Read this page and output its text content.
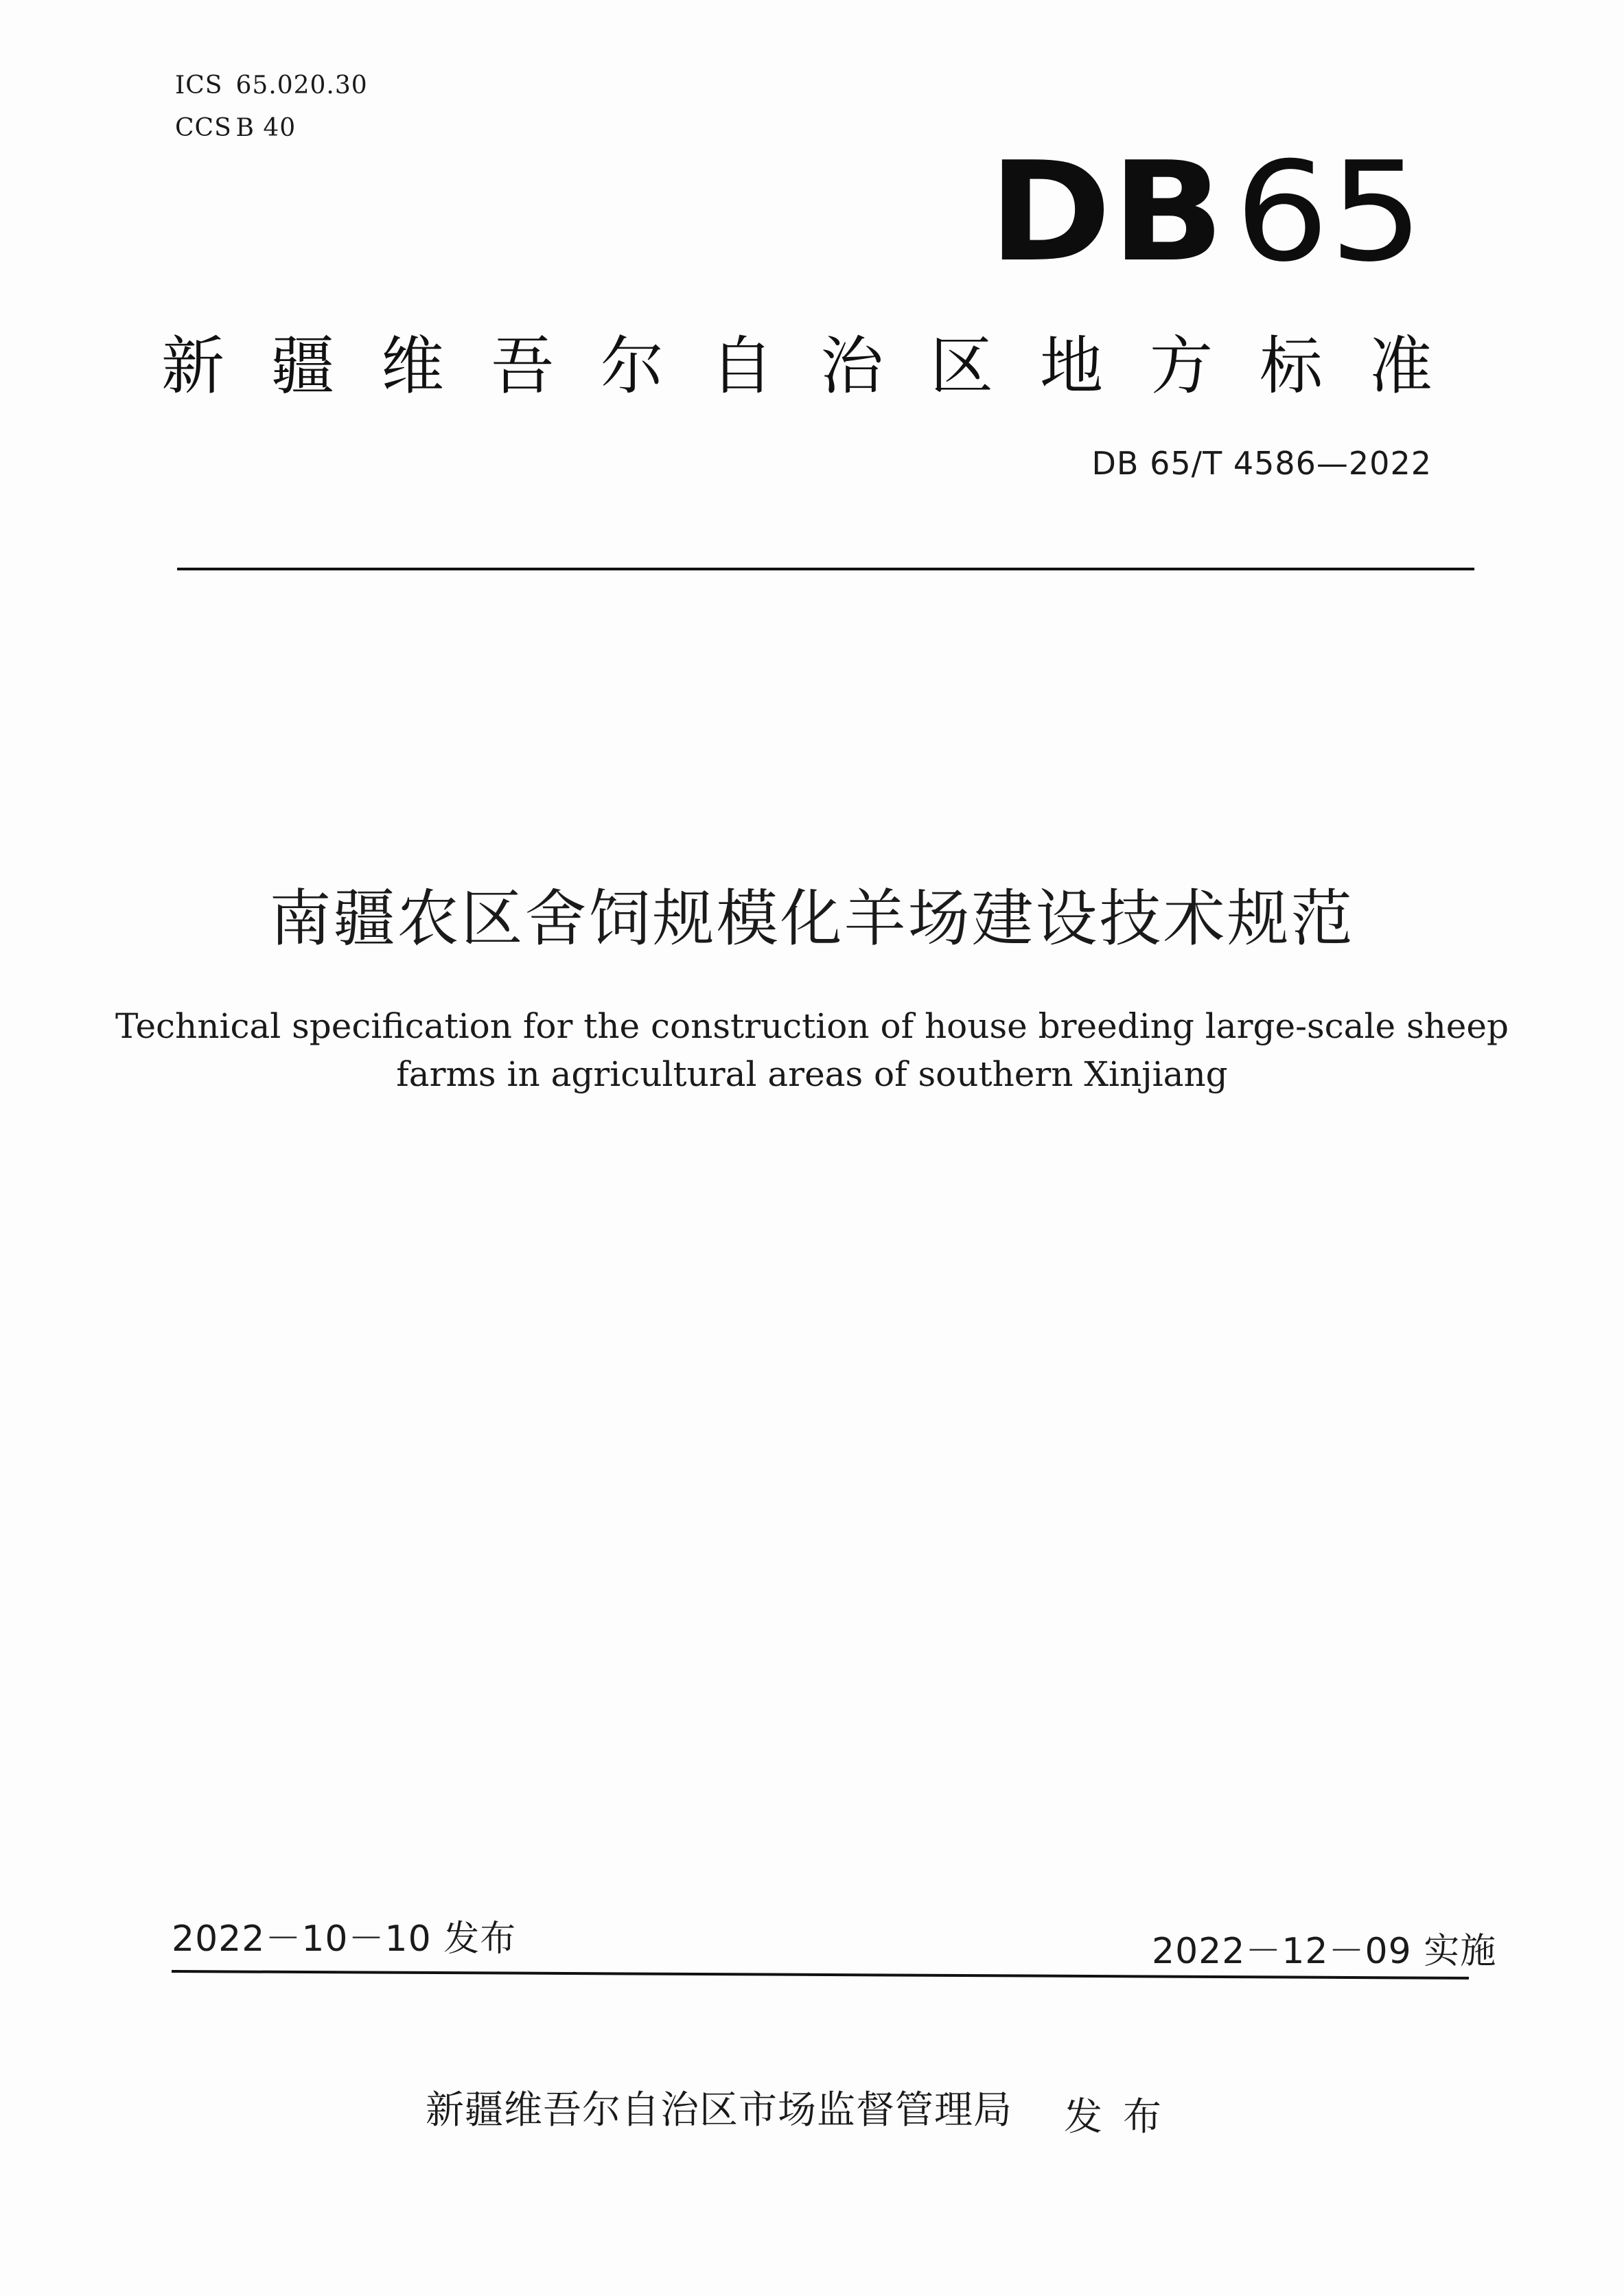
ICS 65.020.30
CCS B 40
DB65
新疆维吾尔自治区地方标准
DB 65/T 4586—2022
南疆农区舍饲规模化羊场建设技术规范
Technical specification for the construction of house breeding large-scale sheep
farms in agricultural areas of southern Xinjiang
2022－10－10 发布	2022－12－09 实施
新疆维吾尔自治区市场监督管理局 发布
